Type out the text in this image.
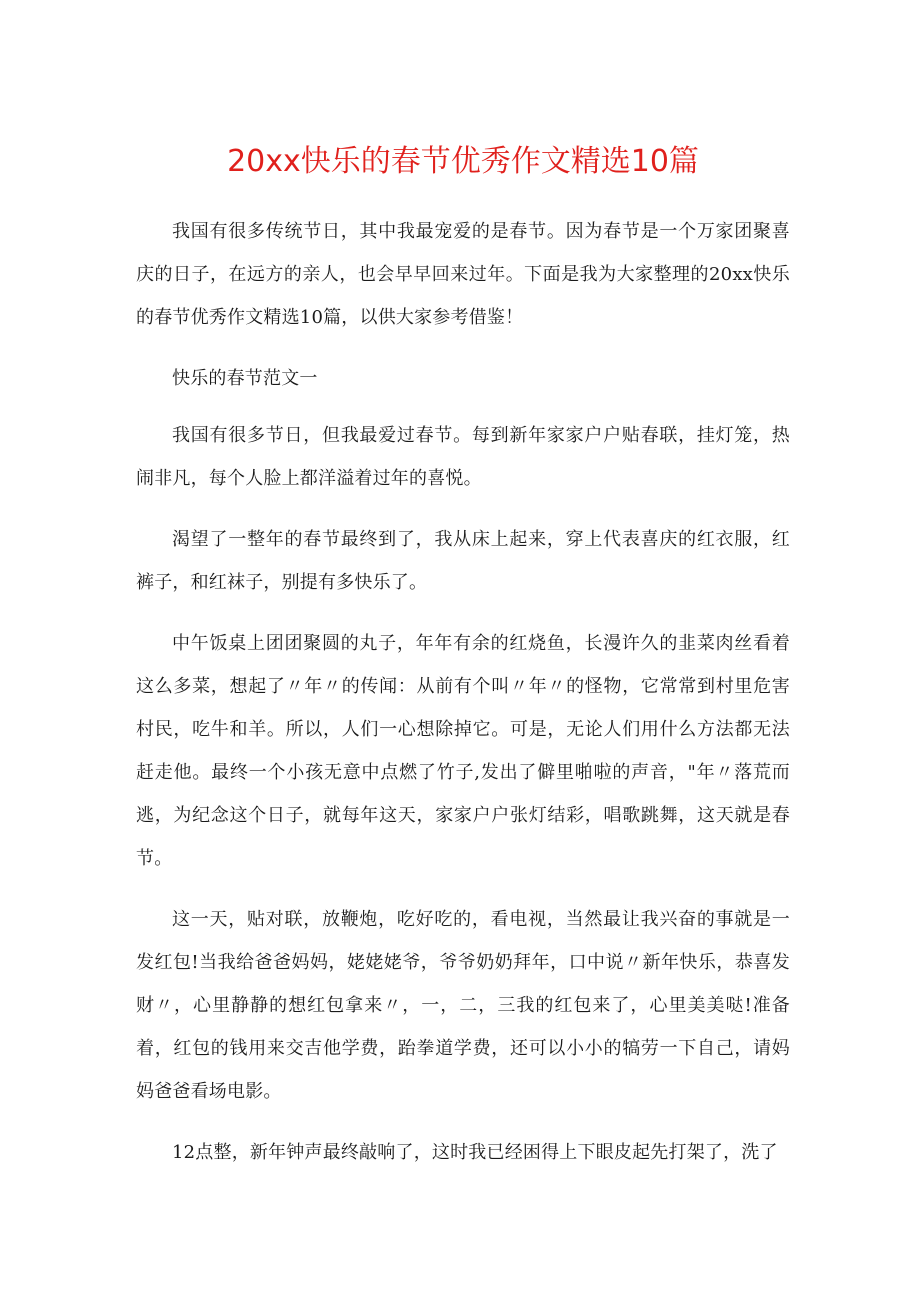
20xx快乐的春节优秀作文精选10篇

我国有很多传统节日，其中我最宠爱的是春节。因为春节是一个万家团聚喜庆的日子，在远方的亲人，也会早早回来过年。下面是我为大家整理的20xx快乐的春节优秀作文精选10篇，以供大家参考借鉴！

快乐的春节范文一

我国有很多节日，但我最爱过春节。每到新年家家户户贴春联，挂灯笼，热闹非凡，每个人脸上都洋溢着过年的喜悦。

渴望了一整年的春节最终到了，我从床上起来，穿上代表喜庆的红衣服，红裤子，和红袜子，别提有多快乐了。

中午饭桌上团团聚圆的丸子，年年有余的红烧鱼，长漫许久的韭菜肉丝看着这么多菜，想起了〃年〃的传闻：从前有个叫〃年〃的怪物，它常常到村里危害村民，吃牛和羊。所以，人们一心想除掉它。可是，无论人们用什么方法都无法赶走他。最终一个小孩无意中点燃了竹子,发出了僻里啪啦的声音，"年〃落荒而逃，为纪念这个日子，就每年这天，家家户户张灯结彩，唱歌跳舞，这天就是春节。

这一天，贴对联，放鞭炮，吃好吃的，看电视，当然最让我兴奋的事就是一发红包!当我给爸爸妈妈，姥姥姥爷，爷爷奶奶拜年，口中说〃新年快乐，恭喜发财〃，心里静静的想红包拿来〃，一，二，三我的红包来了，心里美美哒!准备着，红包的钱用来交吉他学费，跆拳道学费，还可以小小的犒劳一下自己，请妈妈爸爸看场电影。

12点整，新年钟声最终敲响了，这时我已经困得上下眼皮起先打架了，洗了
